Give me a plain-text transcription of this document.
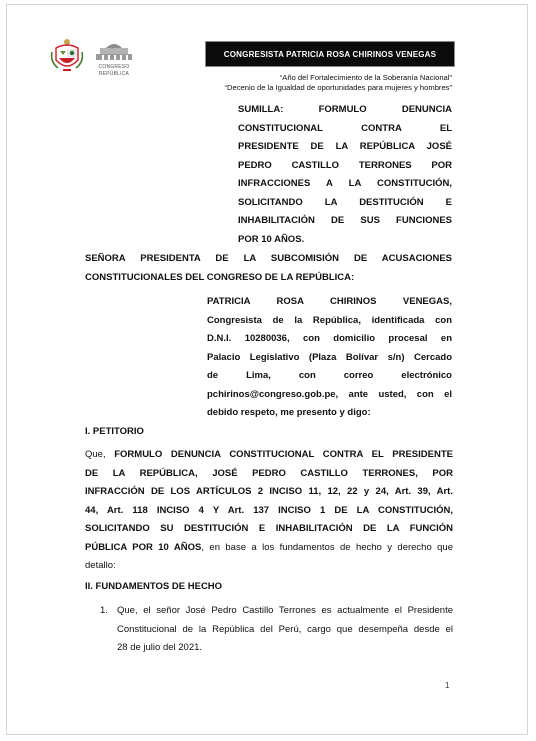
CONGRESO
REPÚBLICA
CONGRESISTA PATRICIA ROSA CHIRINOS VENEGAS
“Año del Fortalecimiento de la Soberanía Nacional”
“Decenio de la Igualdad de oportunidades para mujeres y hombres”
SUMILLA: FORMULO DENUNCIA
CONSTITUCIONAL CONTRA EL
PRESIDENTE DE LA REPÚBLICA JOSÉ
PEDRO CASTILLO TERRONES POR
INFRACCIONES A LA CONSTITUCIÓN,
SOLICITANDO LA DESTITUCIÓN E
INHABILITACIÓN DE SUS FUNCIONES
POR 10 AÑOS.
SEÑORA PRESIDENTA DE LA SUBCOMISIÓN DE ACUSACIONES
CONSTITUCIONALES DEL CONGRESO DE LA REPÚBLICA:
PATRICIA ROSA CHIRINOS VENEGAS,
Congresista de la República, identificada con
D.N.I. 10280036, con domicilio procesal en
Palacio Legislativo (Plaza Bolívar s/n) Cercado
de Lima, con correo electrónico
pchirinos@congreso.gob.pe, ante usted, con el
debido respeto, me presento y digo:
I. PETITORIO
Que, FORMULO DENUNCIA CONSTITUCIONAL CONTRA EL PRESIDENTE
DE LA REPÚBLICA, JOSÉ PEDRO CASTILLO TERRONES, POR
INFRACCIÓN DE LOS ARTÍCULOS 2 INCISO 11, 12, 22 y 24, Art. 39, Art.
44, Art. 118 INCISO 4 Y Art. 137 INCISO 1 DE LA CONSTITUCIÓN,
SOLICITANDO SU DESTITUCIÓN E INHABILITACIÓN DE LA FUNCIÓN
PÚBLICA POR 10 AÑOS, en base a los fundamentos de hecho y derecho que
detallo:
II. FUNDAMENTOS DE HECHO
1. Que, el señor José Pedro Castillo Terrones es actualmente el Presidente
Constitucional de la República del Perú, cargo que desempeña desde el
28 de julio del 2021.
1
